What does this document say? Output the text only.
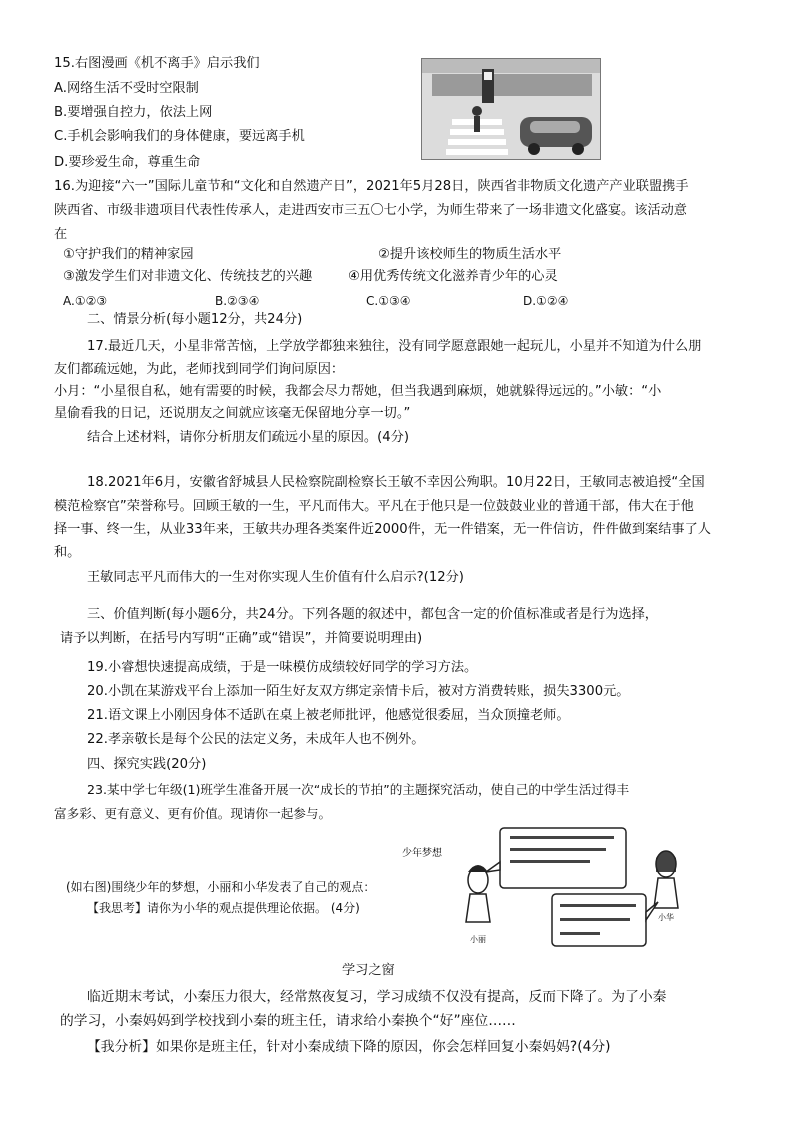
15.右图漫画《机不离手》启示我们
A.网络生活不受时空限制
B.要增强自控力，依法上网
C.手机会影响我们的身体健康，要远离手机
D.要珍爱生命，尊重生命
16.为迎接“六一”国际儿童节和“文化和自然遗产日”，2021年5月28日，陕西省非物质文化遗产产业联盟携手
陕西省、市级非遗项目代表性传承人，走进西安市三五〇七小学，为师生带来了一场非遗文化盛宴。该活动意
在
①守护我们的精神家园	②提升该校师生的物质生活水平
③激发学生们对非遗文化、传统技艺的兴趣	④用优秀传统文化滋养青少年的心灵
A.①②③	B.②③④	C.①③④	D.①②④
二、情景分析(每小题12分，共24分)
17.最近几天，小星非常苦恼，上学放学都独来独往，没有同学愿意跟她一起玩儿，小星并不知道为什么朋
友们都疏远她，为此，老师找到同学们询问原因：
小月：“小星很自私，她有需要的时候，我都会尽力帮她，但当我遇到麻烦，她就躲得远远的。”小敏：“小
星偷看我的日记，还说朋友之间就应该毫无保留地分享一切。”
结合上述材料，请你分析朋友们疏远小星的原因。(4分)
18.2021年6月，安徽省舒城县人民检察院副检察长王敏不幸因公殉职。10月22日，王敏同志被追授“全国
模范检察官”荣誉称号。回顾王敏的一生，平凡而伟大。平凡在于他只是一位鼓鼓业业的普通干部，伟大在于他
择一事、终一生，从业33年来，王敏共办理各类案件近2000件，无一件错案，无一件信访，件件做到案结事了人
和。
王敏同志平凡而伟大的一生对你实现人生价值有什么启示?(12分)
三、价值判断(每小题6分，共24分。下列各题的叙述中，都包含一定的价值标准或者是行为选择，
请予以判断，在括号内写明“正确”或“错误”，并简要说明理由)
19.小睿想快速提高成绩，于是一味模仿成绩较好同学的学习方法。
20.小凯在某游戏平台上添加一陌生好友双方绑定亲情卡后，被对方消费转账，损失3300元。
21.语文课上小刚因身体不适趴在桌上被老师批评，他感觉很委屈，当众顶撞老师。
22.孝亲敬长是每个公民的法定义务，未成年人也不例外。
四、探究实践(20分)
23.某中学七年级(1)班学生准备开展一次“成长的节拍”的主题探究活动，使自己的中学生活过得丰
富多彩、更有意义、更有价值。现请你一起参与。
少年梦想
(如右图)围绕少年的梦想，小丽和小华发表了自己的观点：
【我思考】请你为小华的观点提供理论依据。 (4分)
小丽
小华
学习之窗
临近期末考试，小秦压力很大，经常熬夜复习，学习成绩不仅没有提高，反而下降了。为了小秦
的学习，小秦妈妈到学校找到小秦的班主任，请求给小秦换个“好”座位……
【我分析】如果你是班主任，针对小秦成绩下降的原因，你会怎样回复小秦妈妈?(4分)
